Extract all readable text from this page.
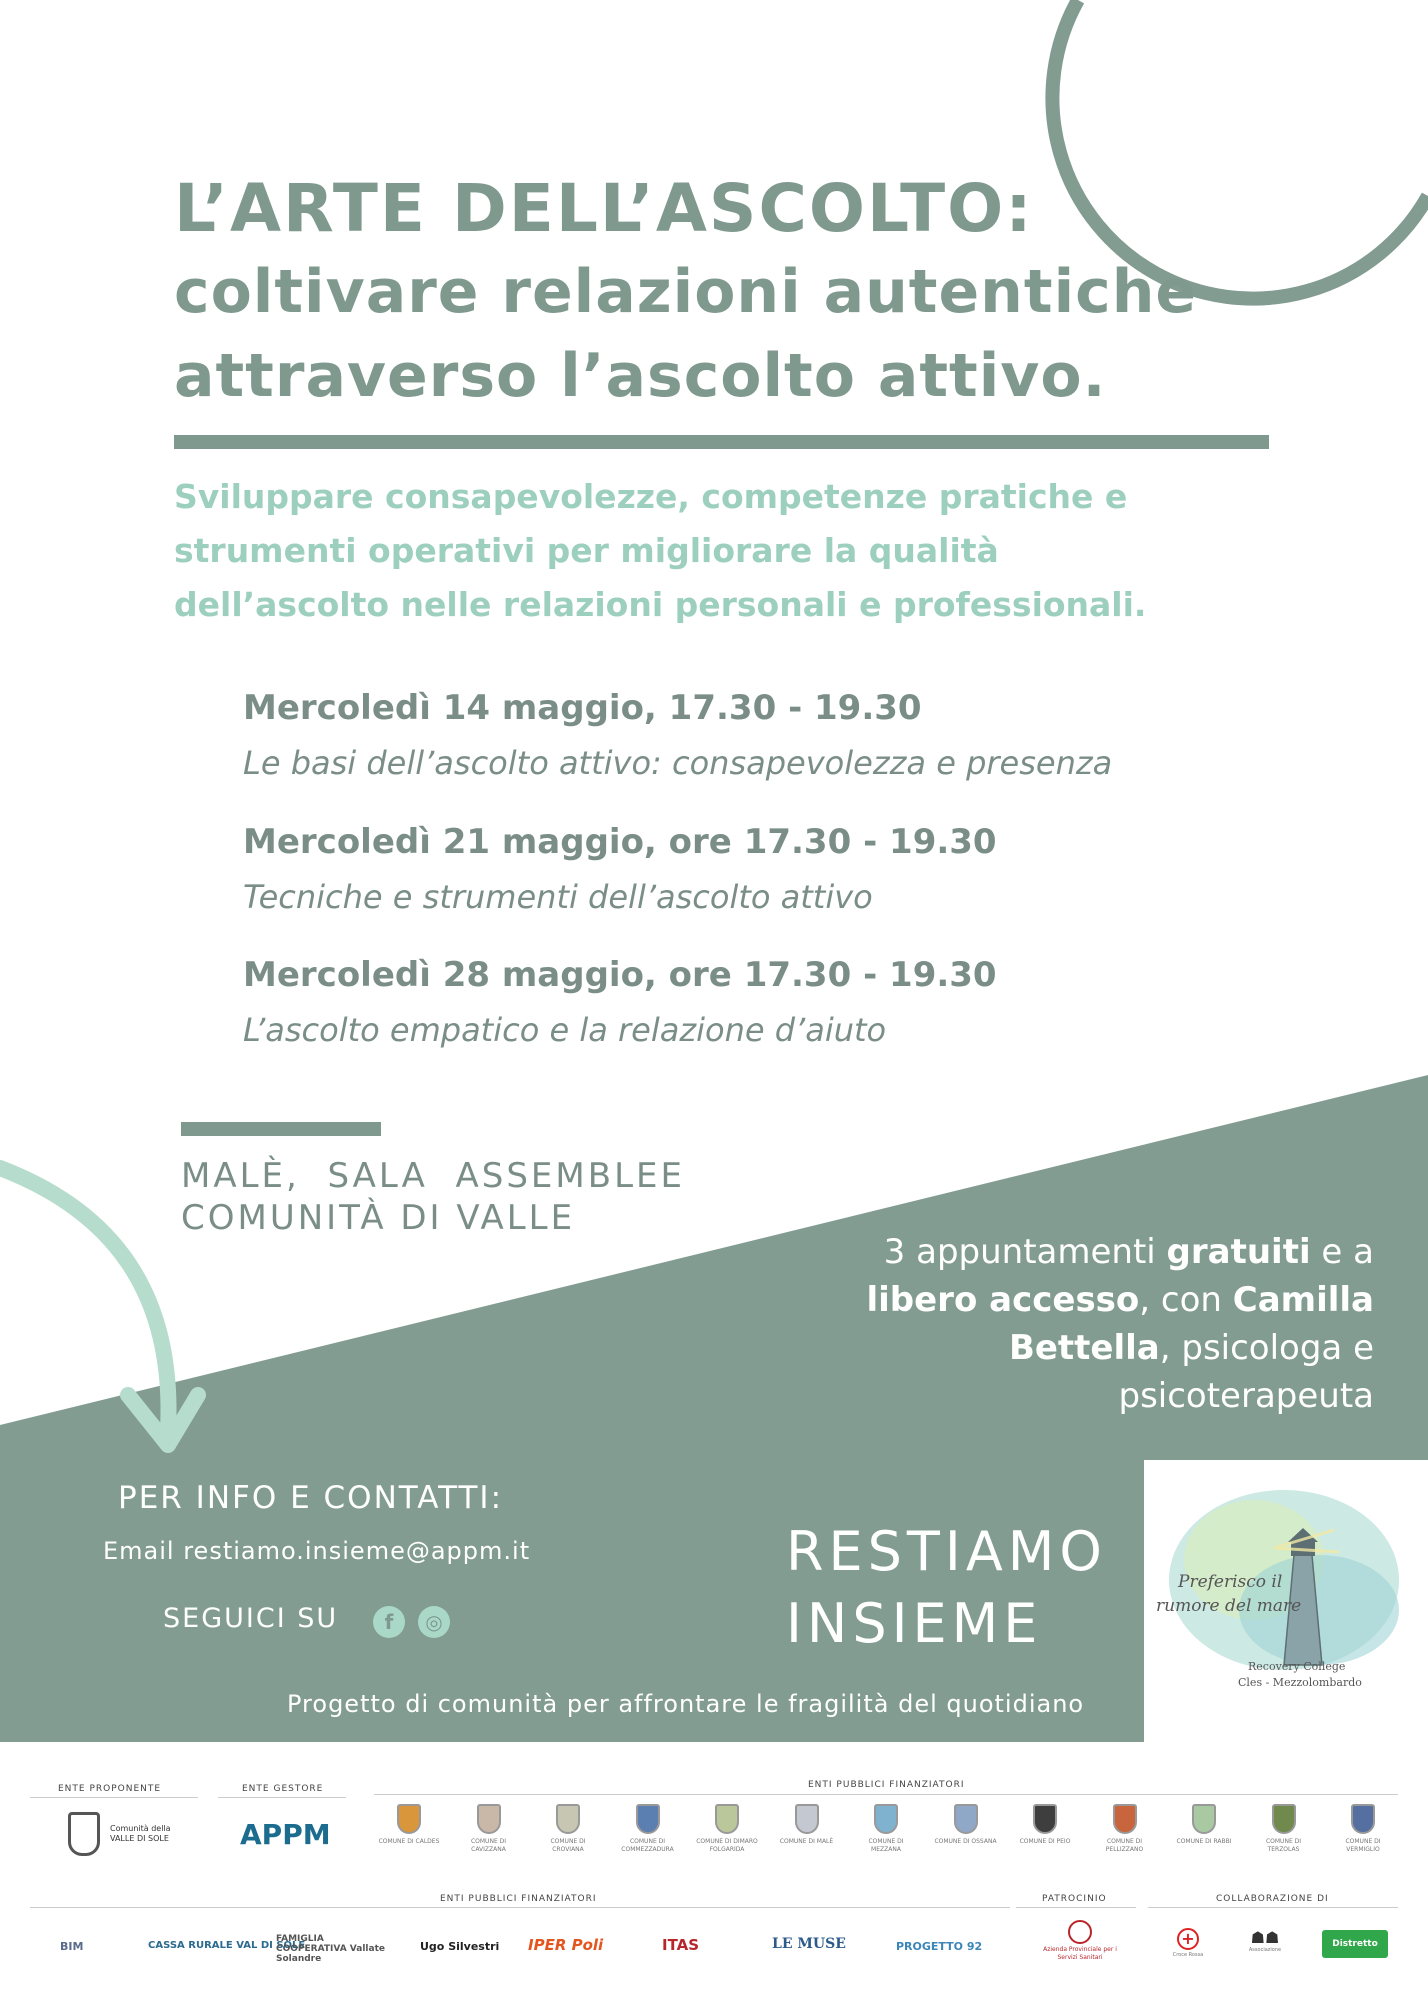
L’ARTE DELL’ASCOLTO:
coltivare relazioni autentiche
attraverso l’ascolto attivo.
Sviluppare consapevolezze, competenze pratiche e
strumenti operativi per migliorare la qualità
dell’ascolto nelle relazioni personali e professionali.
Mercoledì 14 maggio, 17.30 - 19.30
Le basi dell’ascolto attivo: consapevolezza e presenza
Mercoledì 21 maggio, ore 17.30 - 19.30
Tecniche e strumenti dell’ascolto attivo
Mercoledì 28 maggio, ore 17.30 - 19.30
L’ascolto empatico e la relazione d’aiuto
MALÈ,  SALA  ASSEMBLEE
COMUNITÀ DI VALLE
3 appuntamenti gratuiti e a
libero accesso, con Camilla
Bettella, psicologa e
psicoterapeuta
PER INFO E CONTATTI:
Email restiamo.insieme@appm.it
SEGUICI SU	f	◎
RESTIAMO
INSIEME
Progetto di comunità per affrontare le fragilità del quotidiano
Preferisco il
rumore del mare
Recovery College
Cles - Mezzolombardo
ENTE PROPONENTE	ENTE GESTORE	ENTI PUBBLICI FINANZIATORI
Comunità della VALLE DI SOLE	APPM	COMUNE DI CALDES	COMUNE DI CAVIZZANA
COMUNE DI CROVIANA
COMUNE DI COMMEZZADURA
COMUNE DI DIMARO FOLGARIDA
COMUNE DI MALÈ	COMUNE DI MEZZANA
COMUNE DI OSSANA	COMUNE DI PEIO	COMUNE DI PELLIZZANO
COMUNE DI RABBI	COMUNE DI TERZOLAS
COMUNE DI VERMIGLIO
ENTI PUBBLICI FINANZIATORI	PATROCINIO	COLLABORAZIONE DI
BIM	CASSA RURALE VAL DI SOLE
FAMIGLIA COOPERATIVA Vallate Solandre
Ugo Silvestri IPER Poli	ITAS	LE MUSE	PROGETTO 92	Azienda Provinciale per i Servizi Sanitari
+
Croce Rossa
☗☗
Associazione
Distretto Family
